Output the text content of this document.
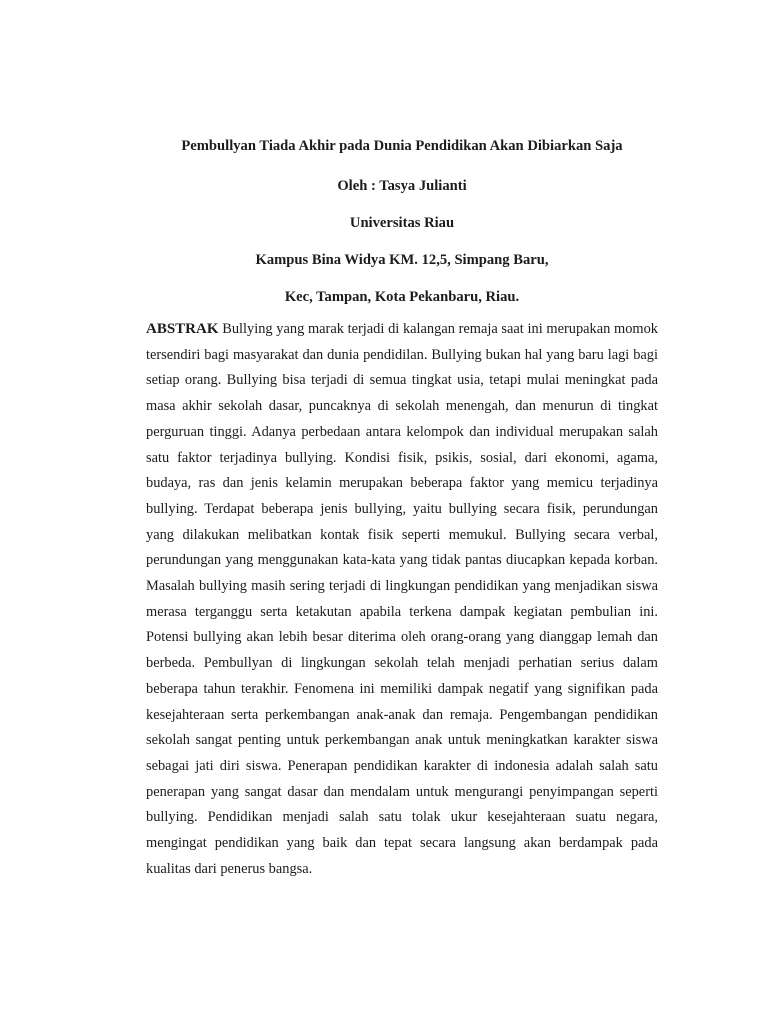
Pembullyan Tiada Akhir pada Dunia Pendidikan Akan Dibiarkan Saja
Oleh : Tasya Julianti
Universitas Riau
Kampus Bina Widya KM. 12,5, Simpang Baru,
Kec, Tampan, Kota Pekanbaru, Riau.

ABSTRAK Bullying yang marak terjadi di kalangan remaja saat ini merupakan momok tersendiri bagi masyarakat dan dunia pendidilan. Bullying bukan hal yang baru lagi bagi setiap orang. Bullying bisa terjadi di semua tingkat usia, tetapi mulai meningkat pada masa akhir sekolah dasar, puncaknya di sekolah menengah, dan menurun di tingkat perguruan tinggi. Adanya perbedaan antara kelompok dan individual merupakan salah satu faktor terjadinya bullying. Kondisi fisik, psikis, sosial, dari ekonomi, agama, budaya, ras dan jenis kelamin merupakan beberapa faktor yang memicu terjadinya bullying. Terdapat beberapa jenis bullying, yaitu bullying secara fisik, perundungan yang dilakukan melibatkan kontak fisik seperti memukul. Bullying secara verbal, perundungan yang menggunakan kata-kata yang tidak pantas diucapkan kepada korban. Masalah bullying masih sering terjadi di lingkungan pendidikan yang menjadikan siswa merasa terganggu serta ketakutan apabila terkena dampak kegiatan pembulian ini. Potensi bullying akan lebih besar diterima oleh orang-orang yang dianggap lemah dan berbeda. Pembullyan di lingkungan sekolah telah menjadi perhatian serius dalam beberapa tahun terakhir. Fenomena ini memiliki dampak negatif yang signifikan pada kesejahteraan serta perkembangan anak-anak dan remaja. Pengembangan pendidikan sekolah sangat penting untuk perkembangan anak untuk meningkatkan karakter siswa sebagai jati diri siswa. Penerapan pendidikan karakter di indonesia adalah salah satu penerapan yang sangat dasar dan mendalam untuk mengurangi penyimpangan seperti bullying. Pendidikan menjadi salah satu tolak ukur kesejahteraan suatu negara, mengingat pendidikan yang baik dan tepat secara langsung akan berdampak pada kualitas dari penerus bangsa.
